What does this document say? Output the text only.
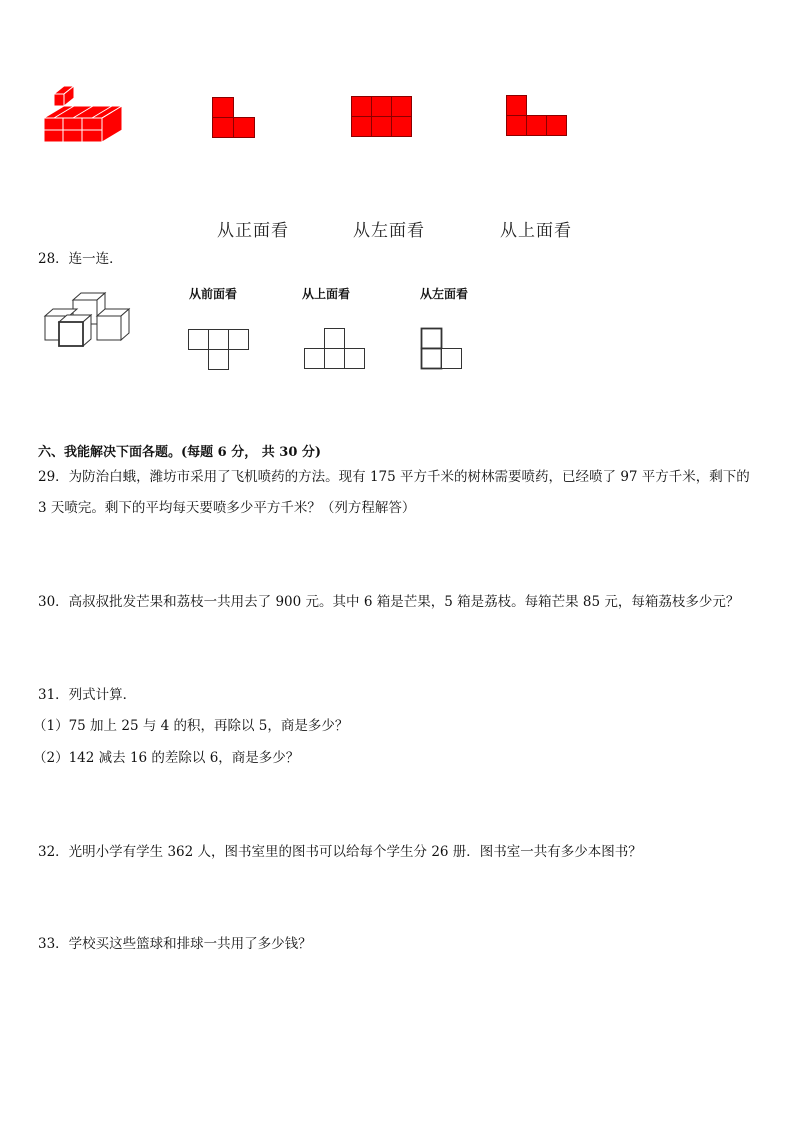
从正面看	从左面看	从上面看
28．连一连．
从前面看	从上面看	从左面看
六、我能解决下面各题。(每题 6 分， 共 30 分)
29．为防治白蛾，潍坊市采用了飞机喷药的方法。现有 175 平方千米的树林需要喷药，已经喷了 97 平方千米，剩下的
3 天喷完。剩下的平均每天要喷多少平方千米？（列方程解答）
30．高叔叔批发芒果和荔枝一共用去了 900 元。其中 6 箱是芒果，5 箱是荔枝。每箱芒果 85 元，每箱荔枝多少元？
31．列式计算．
（1）75 加上 25 与 4 的积，再除以 5，商是多少？
（2）142 减去 16 的差除以 6，商是多少？
32．光明小学有学生 362 人，图书室里的图书可以给每个学生分 26 册．图书室一共有多少本图书？
33．学校买这些篮球和排球一共用了多少钱？
